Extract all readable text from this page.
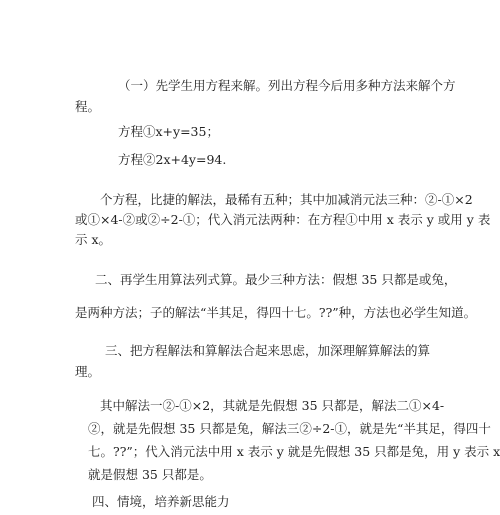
（一）先学生用方程来解。列出方程今后用多种方法来解个方
程。
方程①x+y=35；
方程②2x+4y=94.
个方程，比捷的解法，最稀有五种；其中加减消元法三种：②-①×2
或①×4-②或②÷2-①；代入消元法两种：在方程①中用 x 表示 y 或用 y 表
示 x。
二、再学生用算法列式算。最少三种方法：假想 35 只都是或兔，
是两种方法；子的解法“半其足，得四十七。??”种，方法也必学生知道。
三、把方程解法和算解法合起来思虑，加深理解算解法的算
理。
其中解法一②-①×2，其就是先假想 35 只都是，解法二①×4-
②，就是先假想 35 只都是兔，解法三②÷2-①，就是先“半其足，得四十
七。??”；代入消元法中用 x 表示 y 就是先假想 35 只都是兔，用 y 表示 x
就是假想 35 只都是。
四、情境，培养新思能力
